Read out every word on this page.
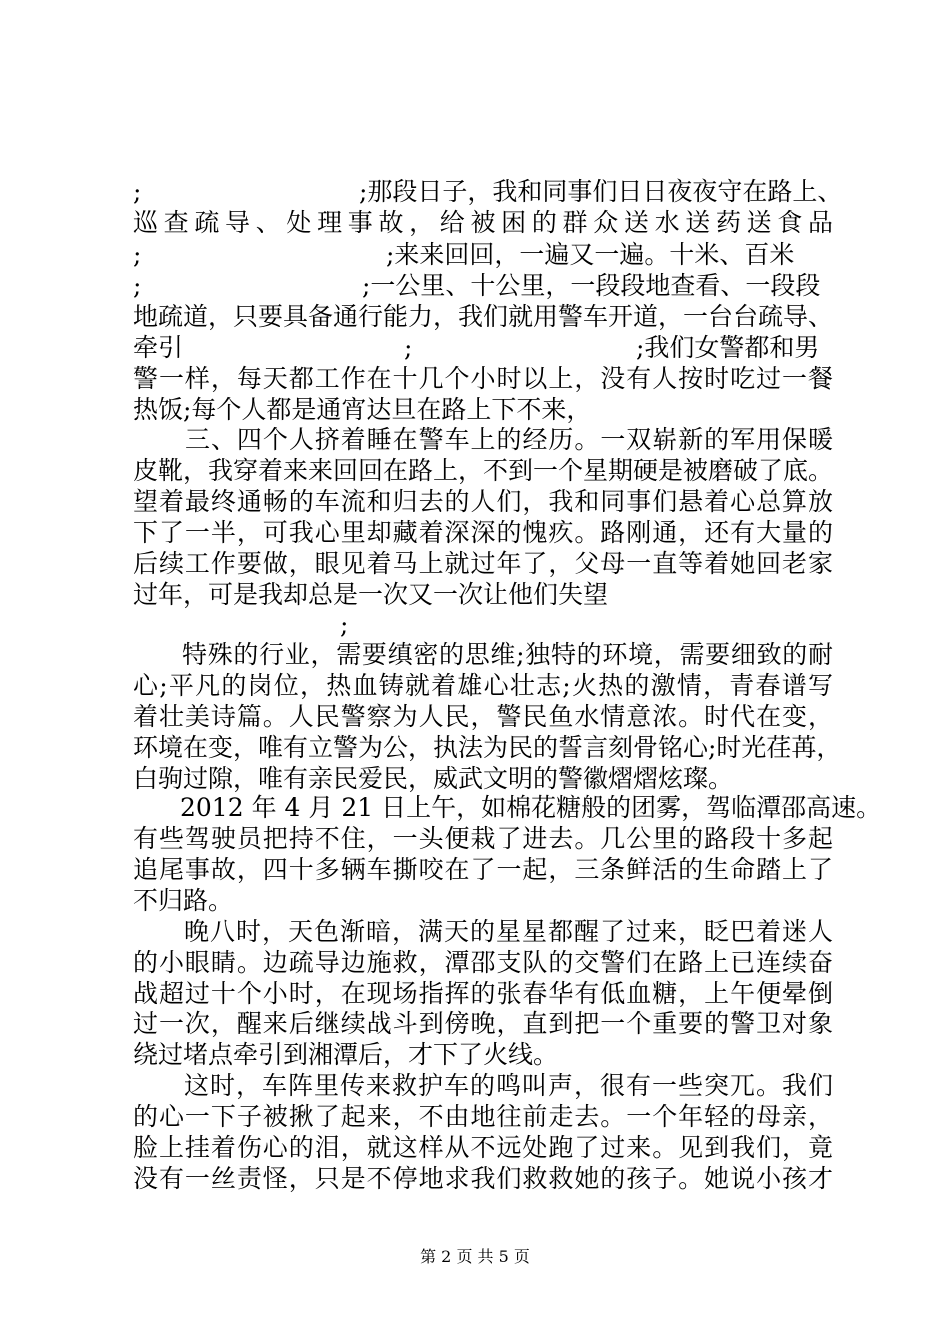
;	;那段日子，我和同事们日日夜夜守在路上、
巡查疏导、处理事故，给被困的群众送水送药送食品
;	;来来回回，一遍又一遍。十米、百米
;	;一公里、十公里，一段段地查看、一段段
地疏道，只要具备通行能力，我们就用警车开道，一台台疏导、
牵引	;	;我们女警都和男
警一样，每天都工作在十几个小时以上，没有人按时吃过一餐
热饭;每个人都是通宵达旦在路上下不来，
三、四个人挤着睡在警车上的经历。一双崭新的军用保暖
皮靴，我穿着来来回回在路上，不到一个星期硬是被磨破了底。
望着最终通畅的车流和归去的人们，我和同事们悬着心总算放
下了一半，可我心里却藏着深深的愧疚。路刚通，还有大量的
后续工作要做，眼见着马上就过年了，父母一直等着她回老家
过年，可是我却总是一次又一次让他们失望
;
特殊的行业，需要缜密的思维;独特的环境，需要细致的耐
心;平凡的岗位，热血铸就着雄心壮志;火热的激情，青春谱写
着壮美诗篇。人民警察为人民，警民鱼水情意浓。时代在变，
环境在变，唯有立警为公，执法为民的誓言刻骨铭心;时光荏苒，
白驹过隙，唯有亲民爱民，威武文明的警徽熠熠炫璨。
2012 年 4 月 21 日上午，如棉花糖般的团雾，驾临潭邵高速。
有些驾驶员把持不住，一头便栽了进去。几公里的路段十多起
追尾事故，四十多辆车撕咬在了一起，三条鲜活的生命踏上了
不归路。
晚八时，天色渐暗，满天的星星都醒了过来，眨巴着迷人
的小眼睛。边疏导边施救，潭邵支队的交警们在路上已连续奋
战超过十个小时，在现场指挥的张春华有低血糖，上午便晕倒
过一次，醒来后继续战斗到傍晚，直到把一个重要的警卫对象
绕过堵点牵引到湘潭后，才下了火线。
这时，车阵里传来救护车的鸣叫声，很有一些突兀。我们
的心一下子被揪了起来，不由地往前走去。一个年轻的母亲，
脸上挂着伤心的泪，就这样从不远处跑了过来。见到我们，竟
没有一丝责怪，只是不停地求我们救救她的孩子。她说小孩才
第 2 页 共 5 页
